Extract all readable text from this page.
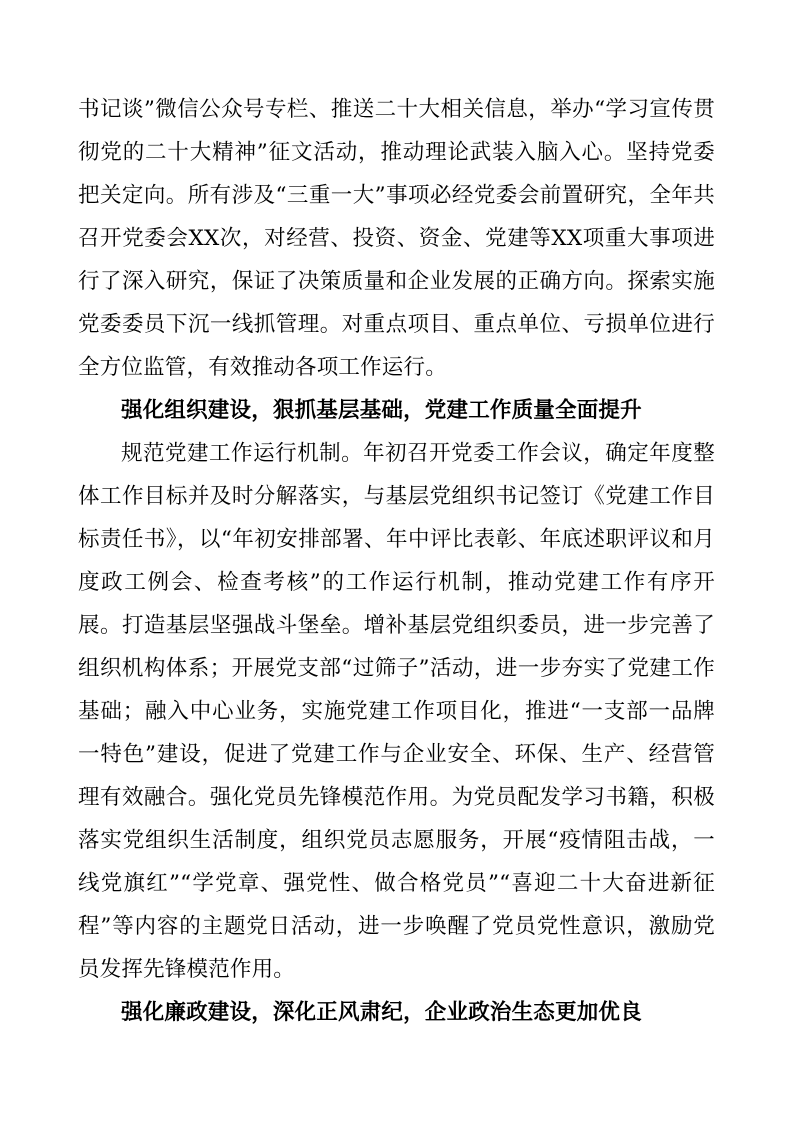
书记谈”微信公众号专栏、推送二十大相关信息，举办“学习宣传贯彻党的二十大精神”征文活动，推动理论武装入脑入心。坚持党委把关定向。所有涉及“三重一大”事项必经党委会前置研究，全年共召开党委会XX次，对经营、投资、资金、党建等XX项重大事项进行了深入研究，保证了决策质量和企业发展的正确方向。探索实施党委委员下沉一线抓管理。对重点项目、重点单位、亏损单位进行全方位监管，有效推动各项工作运行。

强化组织建设，狠抓基层基础，党建工作质量全面提升

规范党建工作运行机制。年初召开党委工作会议，确定年度整体工作目标并及时分解落实，与基层党组织书记签订《党建工作目标责任书》，以“年初安排部署、年中评比表彰、年底述职评议和月度政工例会、检查考核”的工作运行机制，推动党建工作有序开展。打造基层坚强战斗堡垒。增补基层党组织委员，进一步完善了组织机构体系；开展党支部“过筛子”活动，进一步夯实了党建工作基础；融入中心业务，实施党建工作项目化，推进“一支部一品牌一特色”建设，促进了党建工作与企业安全、环保、生产、经营管理有效融合。强化党员先锋模范作用。为党员配发学习书籍，积极落实党组织生活制度，组织党员志愿服务，开展“疫情阻击战，一线党旗红”“学党章、强党性、做合格党员”“喜迎二十大奋进新征程”等内容的主题党日活动，进一步唤醒了党员党性意识，激励党员发挥先锋模范作用。

强化廉政建设，深化正风肃纪，企业政治生态更加优良
